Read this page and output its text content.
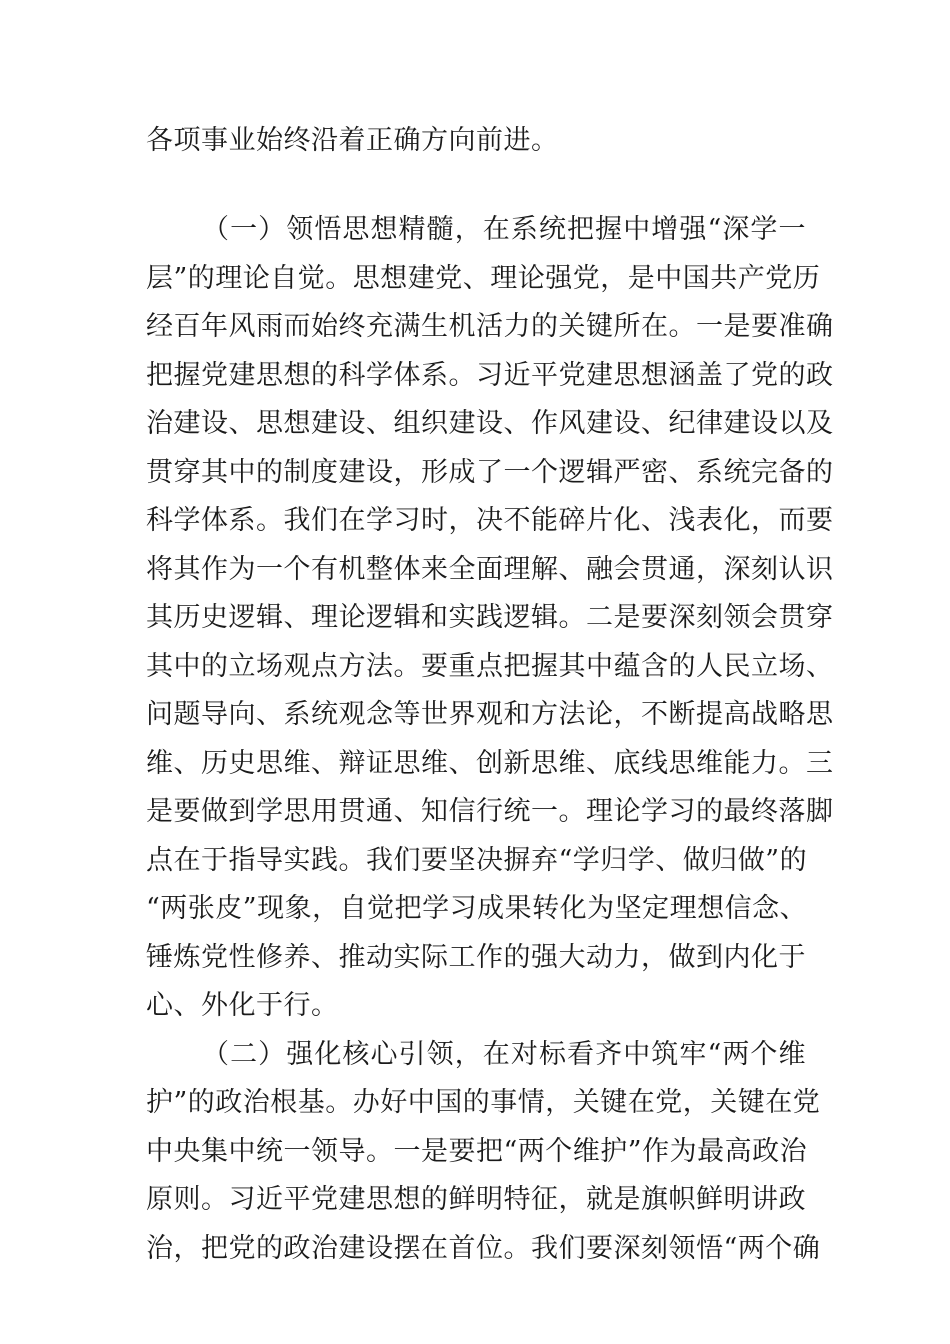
各项事业始终沿着正确方向前进。
（一）领悟思想精髓，在系统把握中增强“深学一
层”的理论自觉。思想建党、理论强党，是中国共产党历
经百年风雨而始终充满生机活力的关键所在。一是要准确
把握党建思想的科学体系。习近平党建思想涵盖了党的政
治建设、思想建设、组织建设、作风建设、纪律建设以及
贯穿其中的制度建设，形成了一个逻辑严密、系统完备的
科学体系。我们在学习时，决不能碎片化、浅表化，而要
将其作为一个有机整体来全面理解、融会贯通，深刻认识
其历史逻辑、理论逻辑和实践逻辑。二是要深刻领会贯穿
其中的立场观点方法。要重点把握其中蕴含的人民立场、
问题导向、系统观念等世界观和方法论，不断提高战略思
维、历史思维、辩证思维、创新思维、底线思维能力。三
是要做到学思用贯通、知信行统一。理论学习的最终落脚
点在于指导实践。我们要坚决摒弃“学归学、做归做”的
“两张皮”现象，自觉把学习成果转化为坚定理想信念、
锤炼党性修养、推动实际工作的强大动力，做到内化于
心、外化于行。
（二）强化核心引领，在对标看齐中筑牢“两个维
护”的政治根基。办好中国的事情，关键在党，关键在党
中央集中统一领导。一是要把“两个维护”作为最高政治
原则。习近平党建思想的鲜明特征，就是旗帜鲜明讲政
治，把党的政治建设摆在首位。我们要深刻领悟“两个确
